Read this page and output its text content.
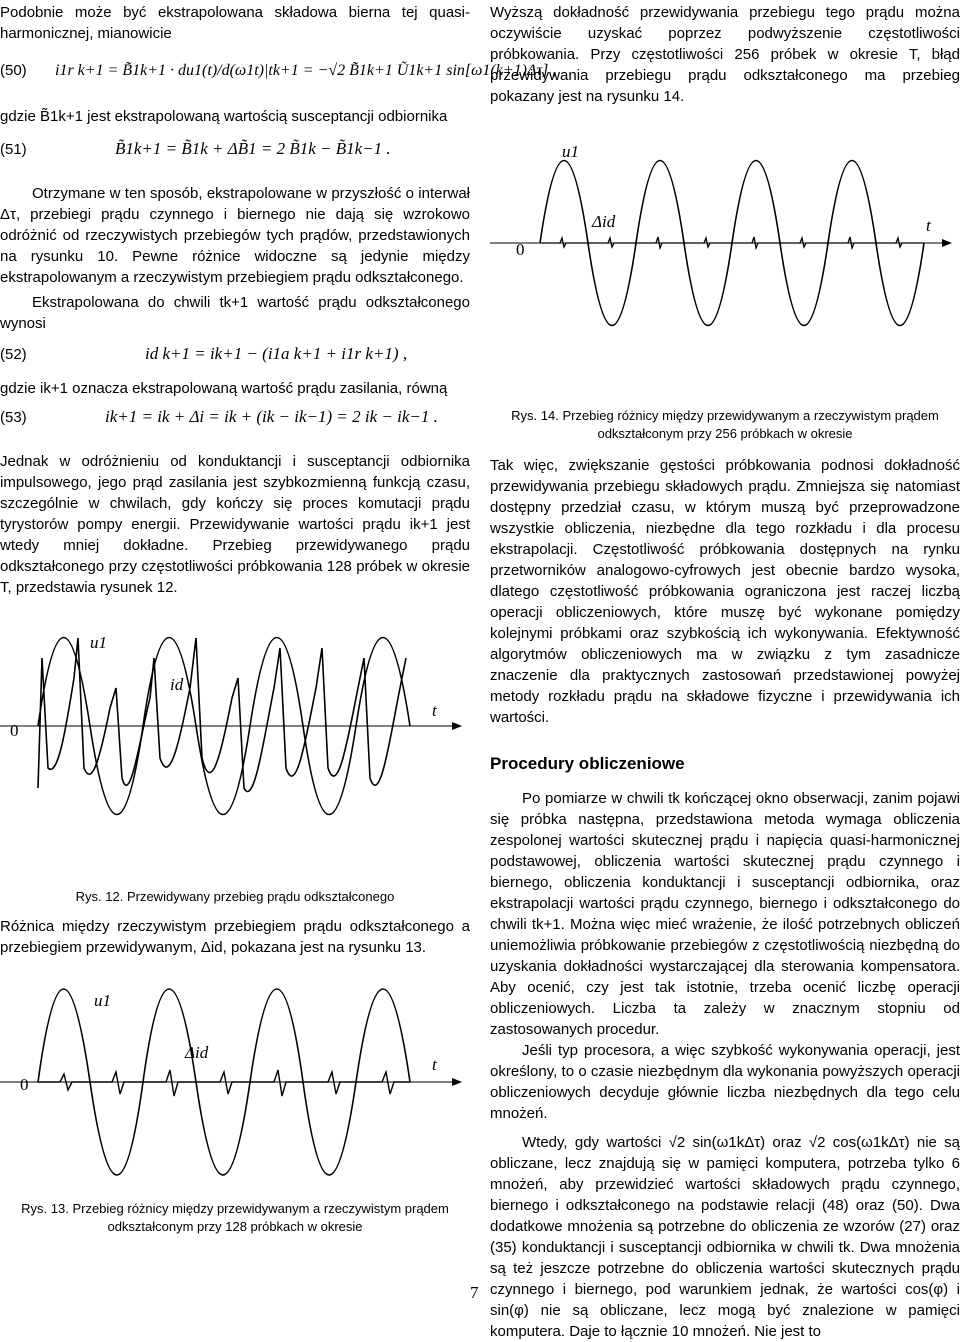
Podobnie może być ekstrapolowana składowa bierna tej quasi-harmonicznej, mianowicie

(50) i1r k+1 = B̃1k+1 · du1(t)/d(ω1t)|tk+1 = −√2 B̃1k+1 Ũ1k+1 sin[ω1(k+1)Δτ] ,

gdzie B̃1k+1 jest ekstrapolowaną wartością susceptancji odbiornika

(51)	B̃1k+1 = B̃1k + ΔB̃1 = 2 B̃1k − B̃1k−1 .

Otrzymane w ten sposób, ekstrapolowane w przyszłość o interwał Δτ, przebiegi prądu czynnego i biernego nie dają się wzrokowo odróżnić od rzeczywistych przebiegów tych prądów, przedstawionych na rysunku 10. Pewne różnice widoczne są jedynie między ekstrapolowanym a rzeczywistym przebiegiem prądu odkształconego.

Ekstrapolowana do chwili tk+1 wartość prądu odkształconego wynosi

(52)	id k+1 = ik+1 − (i1a k+1 + i1r k+1) ,

gdzie ik+1 oznacza ekstrapolowaną wartość prądu zasilania, równą

(53)	ik+1 = ik + Δi = ik + (ik − ik−1) = 2 ik − ik−1 .

Jednak w odróżnieniu od konduktancji i susceptancji odbiornika impulsowego, jego prąd zasilania jest szybkozmienną funkcją czasu, szczególnie w chwilach, gdy kończy się proces komutacji prądu tyrystorów pompy energii. Przewidywanie wartości prądu ik+1 jest wtedy mniej dokładne. Przebieg przewidywanego prądu odkształconego przy częstotliwości próbkowania 128 próbek w okresie T, przedstawia rysunek 12.

u1
id
t
0

Rys. 12. Przewidywany przebieg prądu odkształconego

Różnica między rzeczywistym przebiegiem prądu odkształconego a przebiegiem przewidywanym, Δid, pokazana jest na rysunku 13.

u1
Δid
t
0

Rys. 13. Przebieg różnicy między przewidywanym a rzeczywistym prądem odkształconym przy 128 próbkach w okresie

Wyższą dokładność przewidywania przebiegu tego prądu można oczywiście uzyskać poprzez podwyższenie częstotliwości próbkowania. Przy częstotliwości 256 próbek w okresie T, błąd przewidywania przebiegu prądu odkształconego ma przebieg pokazany jest na rysunku 14.

u1
Δid	t
0

Rys. 14. Przebieg różnicy między przewidywanym a rzeczywistym prądem odkształconym przy 256 próbkach w okresie

Tak więc, zwiększanie gęstości próbkowania podnosi dokładność przewidywania przebiegu składowych prądu. Zmniejsza się natomiast dostępny przedział czasu, w którym muszą być przeprowadzone wszystkie obliczenia, niezbędne dla tego rozkładu i dla procesu ekstrapolacji. Częstotliwość próbkowania dostępnych na rynku przetworników analogowo-cyfrowych jest obecnie bardzo wysoka, dlatego częstotliwość próbkowania ograniczona jest raczej liczbą operacji obliczeniowych, które muszę być wykonane pomiędzy kolejnymi próbkami oraz szybkością ich wykonywania. Efektywność algorytmów obliczeniowych ma w związku z tym zasadnicze znaczenie dla praktycznych zastosowań przedstawionej powyżej metody rozkładu prądu na składowe fizyczne i przewidywania ich wartości.

Procedury obliczeniowe

Po pomiarze w chwili tk kończącej okno obserwacji, zanim pojawi się próbka następna, przedstawiona metoda wymaga obliczenia zespolonej wartości skutecznej prądu i napięcia quasi-harmonicznej podstawowej, obliczenia wartości skutecznej prądu czynnego i biernego, obliczenia konduktancji i susceptancji odbiornika, oraz ekstrapolacji wartości prądu czynnego, biernego i odkształconego do chwili tk+1. Można więc mieć wrażenie, że ilość potrzebnych obliczeń uniemożliwia próbkowanie przebiegów z częstotliwością niezbędną do uzyskania dokładności wystarczającej dla sterowania kompensatora. Aby ocenić, czy jest tak istotnie, trzeba ocenić liczbę operacji obliczeniowych. Liczba ta zależy w znacznym stopniu od zastosowanych procedur.

Jeśli typ procesora, a więc szybkość wykonywania operacji, jest określony, to o czasie niezbędnym dla wykonania powyższych operacji obliczeniowych decyduje głównie liczba niezbędnych dla tego celu mnożeń.

Wtedy, gdy wartości √2 sin(ω1kΔτ) oraz √2 cos(ω1kΔτ) nie są obliczane, lecz znajdują się w pamięci komputera, potrzeba tylko 6 mnożeń, aby przewidzieć wartości składowych prądu czynnego, biernego i odkształconego na podstawie relacji (48) oraz (50). Dwa dodatkowe mnożenia są potrzebne do obliczenia ze wzorów (27) oraz (35) konduktancji i susceptancji odbiornika w chwili tk. Dwa mnożenia są też jeszcze potrzebne do obliczenia wartości skutecznych prądu czynnego i biernego, pod warunkiem jednak, że wartości cos(φ) i sin(φ) nie są obliczane, lecz mogą być znalezione w pamięci komputera. Daje to łącznie 10 mnożeń. Nie jest to

7
